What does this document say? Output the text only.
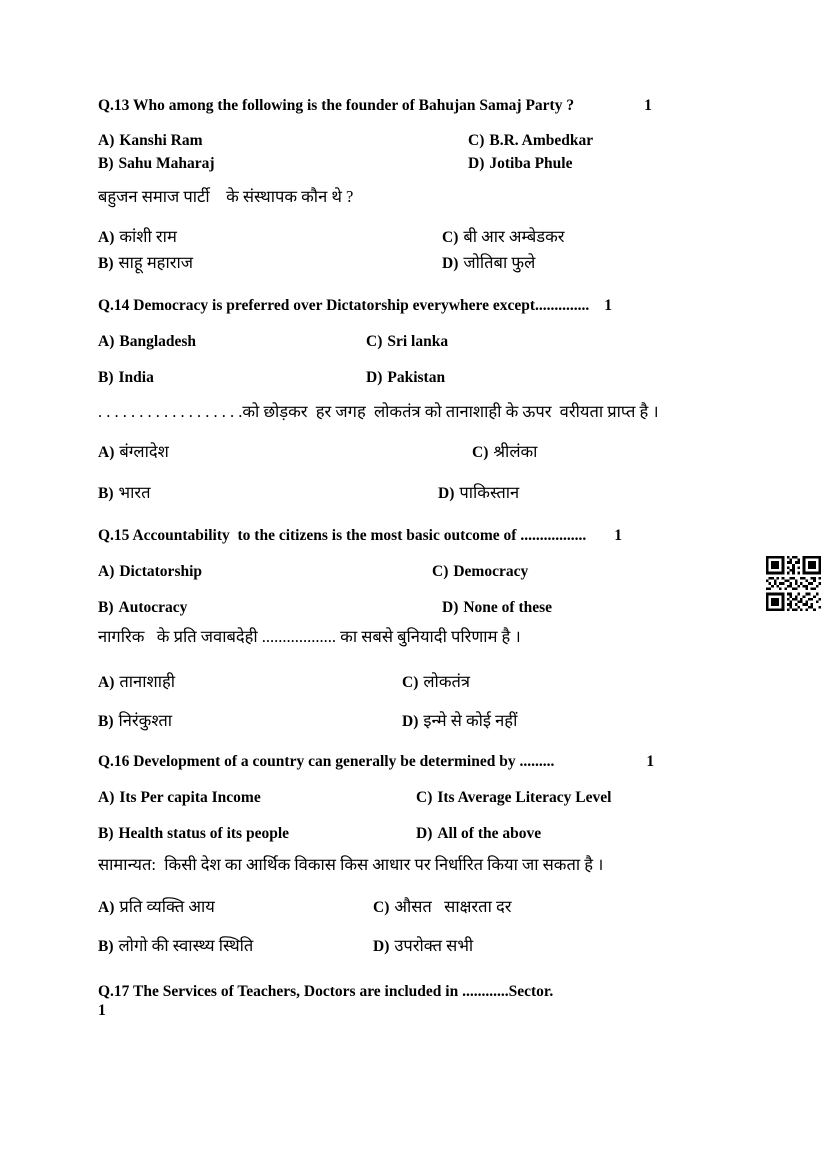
Q.13 Who among the following is the founder of Bahujan Samaj Party ?	1

A) Kanshi Ram	C) B.R. Ambedkar
B) Sahu Maharaj	D) Jotiba Phule

बहुजन समाज पार्टी    के संस्थापक कौन थे ?

A) कांशी राम	C) बी आर अम्बेडकर
B) साहू महाराज	D) जोतिबा फुले

Q.14 Democracy is preferred over Dictatorship everywhere except.............. 1

A) Bangladesh	C) Sri lanka
B) India	D) Pakistan

. . . . . . . . . . . . . . . . . .को छोड़कर  हर जगह  लोकतंत्र को तानाशाही के ऊपर  वरीयता प्राप्त है ।

A) बंग्लादेश	C) श्रीलंका
B) भारत	D) पाकिस्तान

Q.15 Accountability  to the citizens is the most basic outcome of ................. 1

A) Dictatorship	C) Democracy
B) Autocracy	D) None of these

नागरिक   के प्रति जवाबदेही .................. का सबसे बुनियादी परिणाम है ।

A) तानाशाही	C) लोकतंत्र
B) निरंकुश्ता	D) इन्मे से कोई नहीं

Q.16 Development of a country can generally be determined by .........	1

A) Its Per capita Income	C) Its Average Literacy Level
B) Health status of its people	D) All of the above

सामान्यत:  किसी देश का आर्थिक विकास किस आधार पर निर्धारित किया जा सकता है ।

A) प्रति व्यक्ति आय	C) औसत   साक्षरता दर
B) लोगो की स्वास्थ्य स्थिति	D) उपरोक्त सभी

Q.17 The Services of Teachers, Doctors are included in ............Sector.

1
